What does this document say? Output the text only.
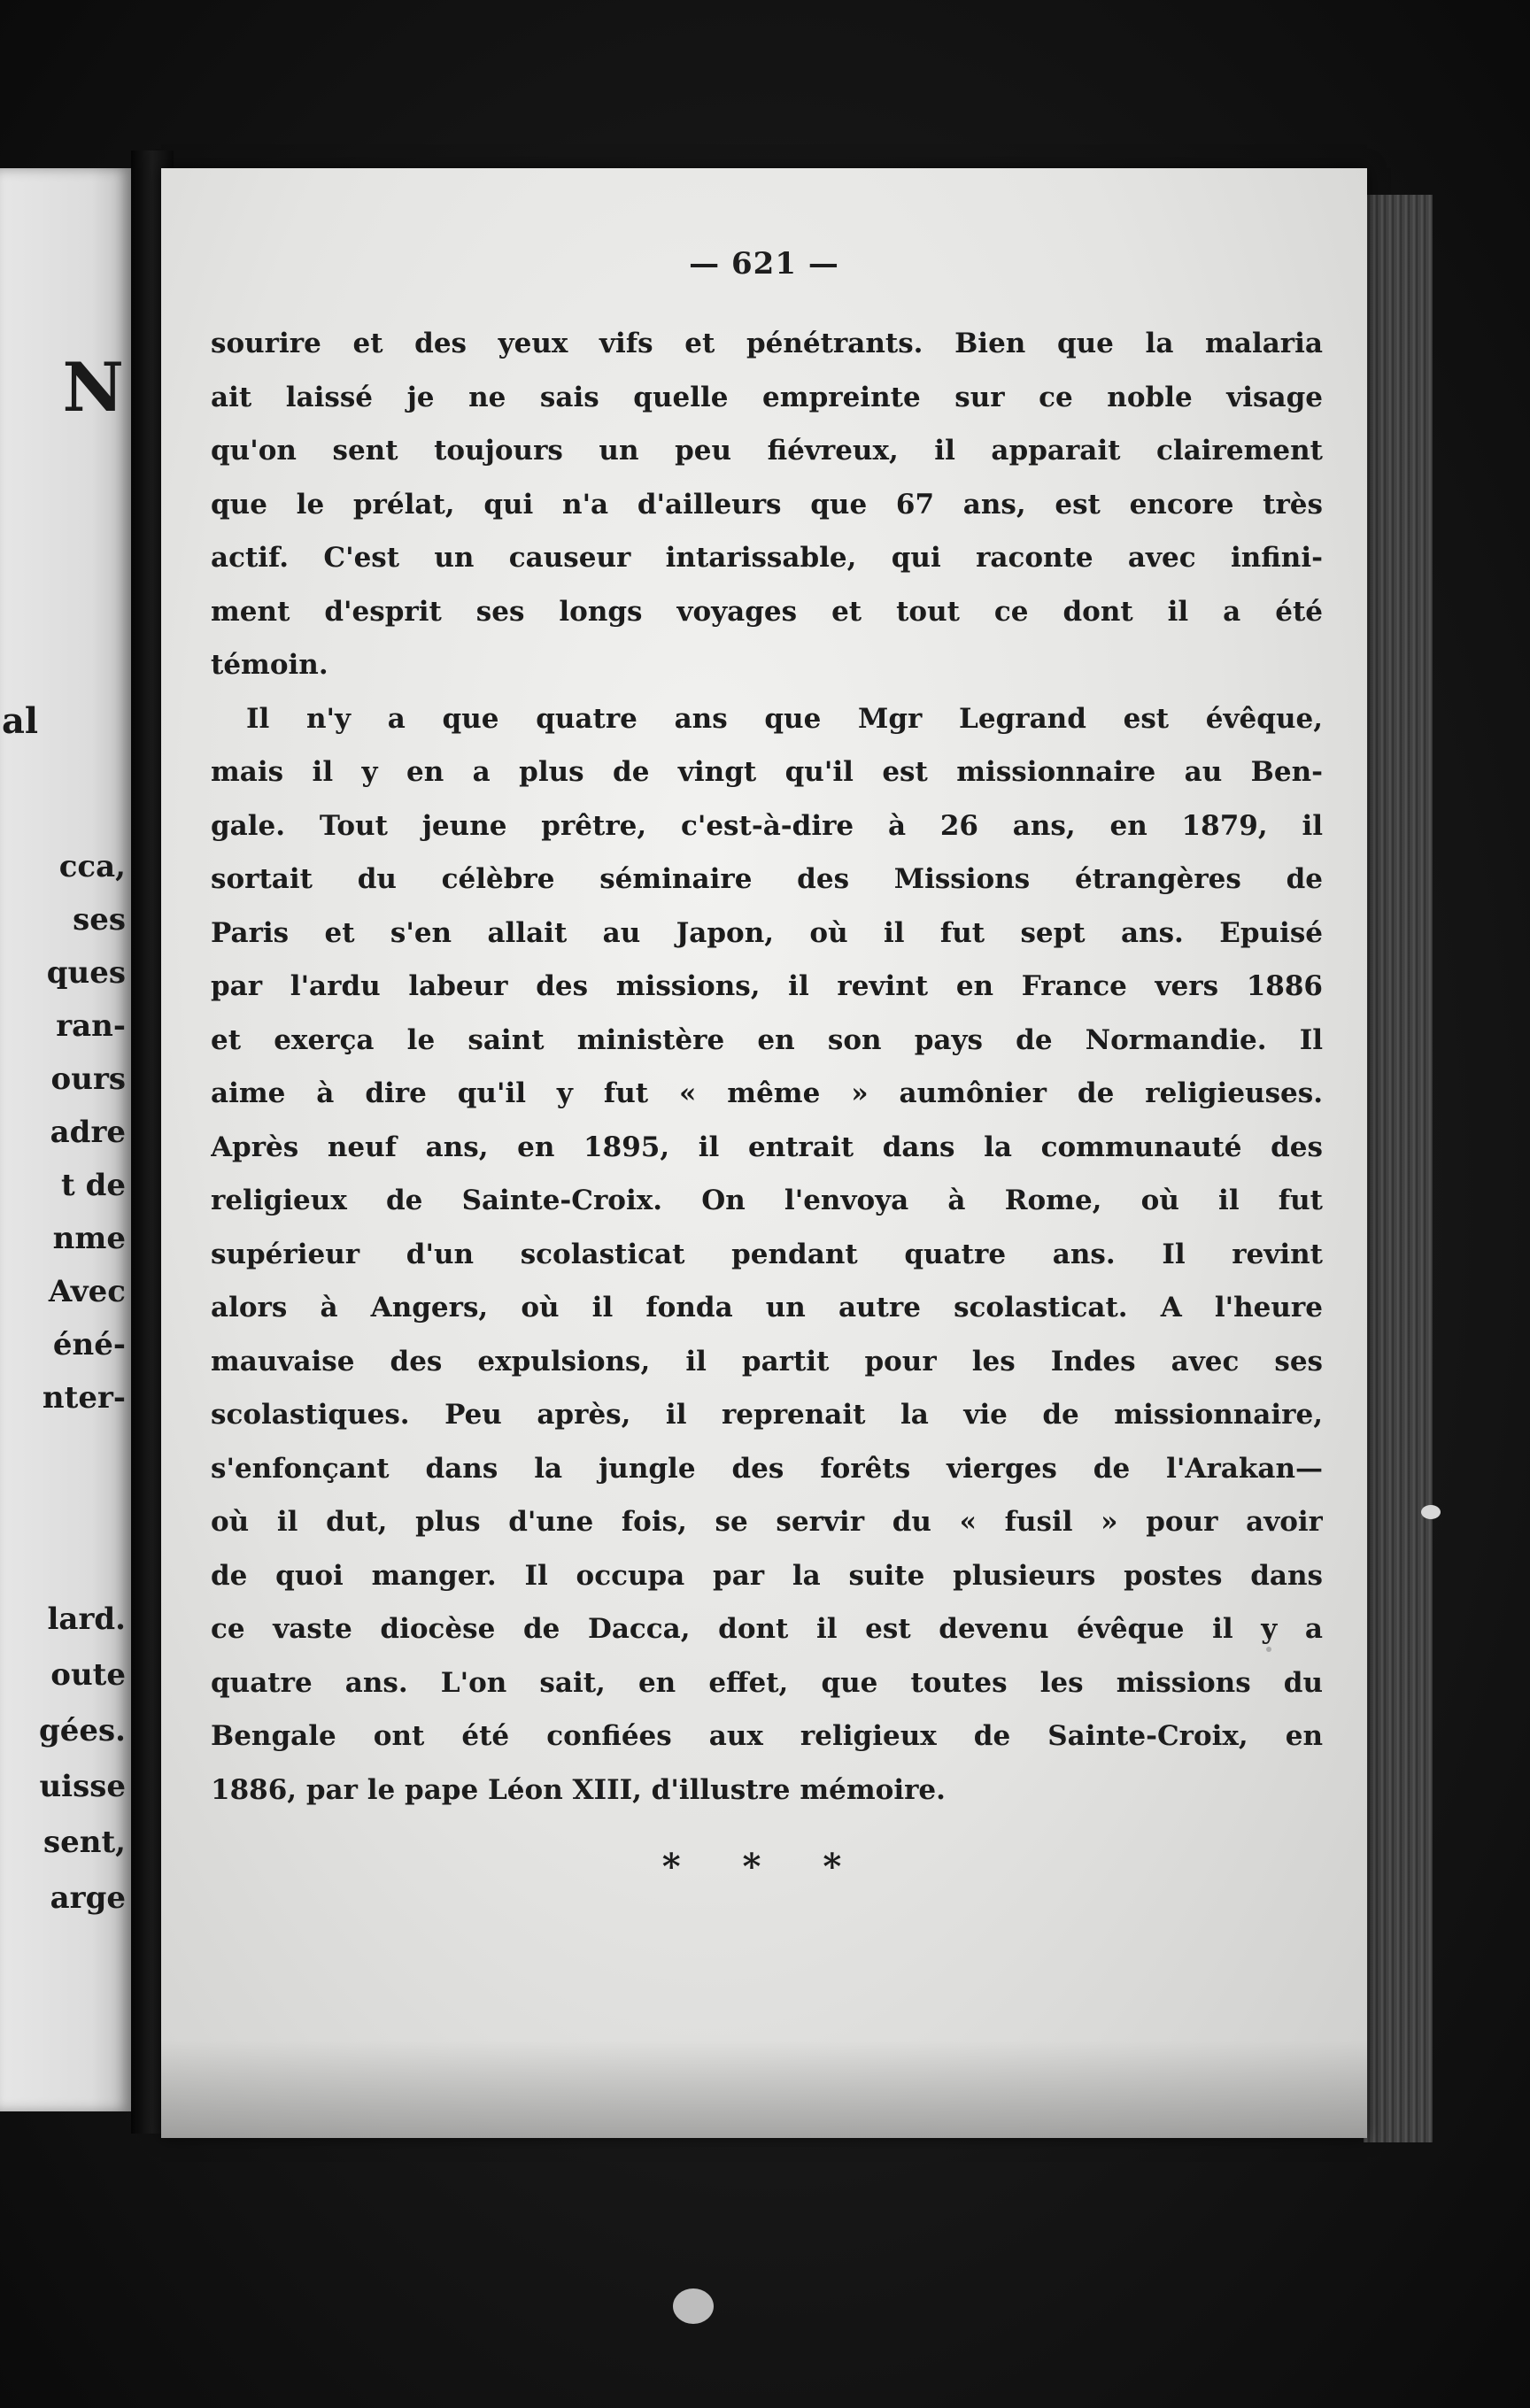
N

al

cca,

ses

ques

ran-

ours

adre

t de

nme

Avec

éné-

nter-

lard.

oute

gées.

uisse

sent,

arge

— 621 —

sourire et des yeux vifs et pénétrants. Bien que la malaria

ait laissé je ne sais quelle empreinte sur ce noble visage

qu'on sent toujours un peu fiévreux, il apparait clairement

que le prélat, qui n'a d'ailleurs que 67 ans, est encore très

actif. C'est un causeur intarissable, qui raconte avec infini-

ment d'esprit ses longs voyages et tout ce dont il a été

témoin.

Il n'y a que quatre ans que Mgr Legrand est évêque,

mais il y en a plus de vingt qu'il est missionnaire au Ben-

gale. Tout jeune prêtre, c'est-à-dire à 26 ans, en 1879, il

sortait du célèbre séminaire des Missions étrangères de

Paris et s'en allait au Japon, où il fut sept ans. Epuisé

par l'ardu labeur des missions, il revint en France vers 1886

et exerça le saint ministère en son pays de Normandie. Il

aime à dire qu'il y fut « même » aumônier de religieuses.

Après neuf ans, en 1895, il entrait dans la communauté des

religieux de Sainte-Croix. On l'envoya à Rome, où il fut

supérieur d'un scolasticat pendant quatre ans. Il revint

alors à Angers, où il fonda un autre scolasticat. A l'heure

mauvaise des expulsions, il partit pour les Indes avec ses

scolastiques. Peu après, il reprenait la vie de missionnaire,

s'enfonçant dans la jungle des forêts vierges de l'Arakan—

où il dut, plus d'une fois, se servir du « fusil » pour avoir

de quoi manger. Il occupa par la suite plusieurs postes dans

ce vaste diocèse de Dacca, dont il est devenu évêque il y a

quatre ans. L'on sait, en effet, que toutes les missions du

Bengale ont été confiées aux religieux de Sainte-Croix, en

1886, par le pape Léon XIII, d'illustre mémoire.

* * *
